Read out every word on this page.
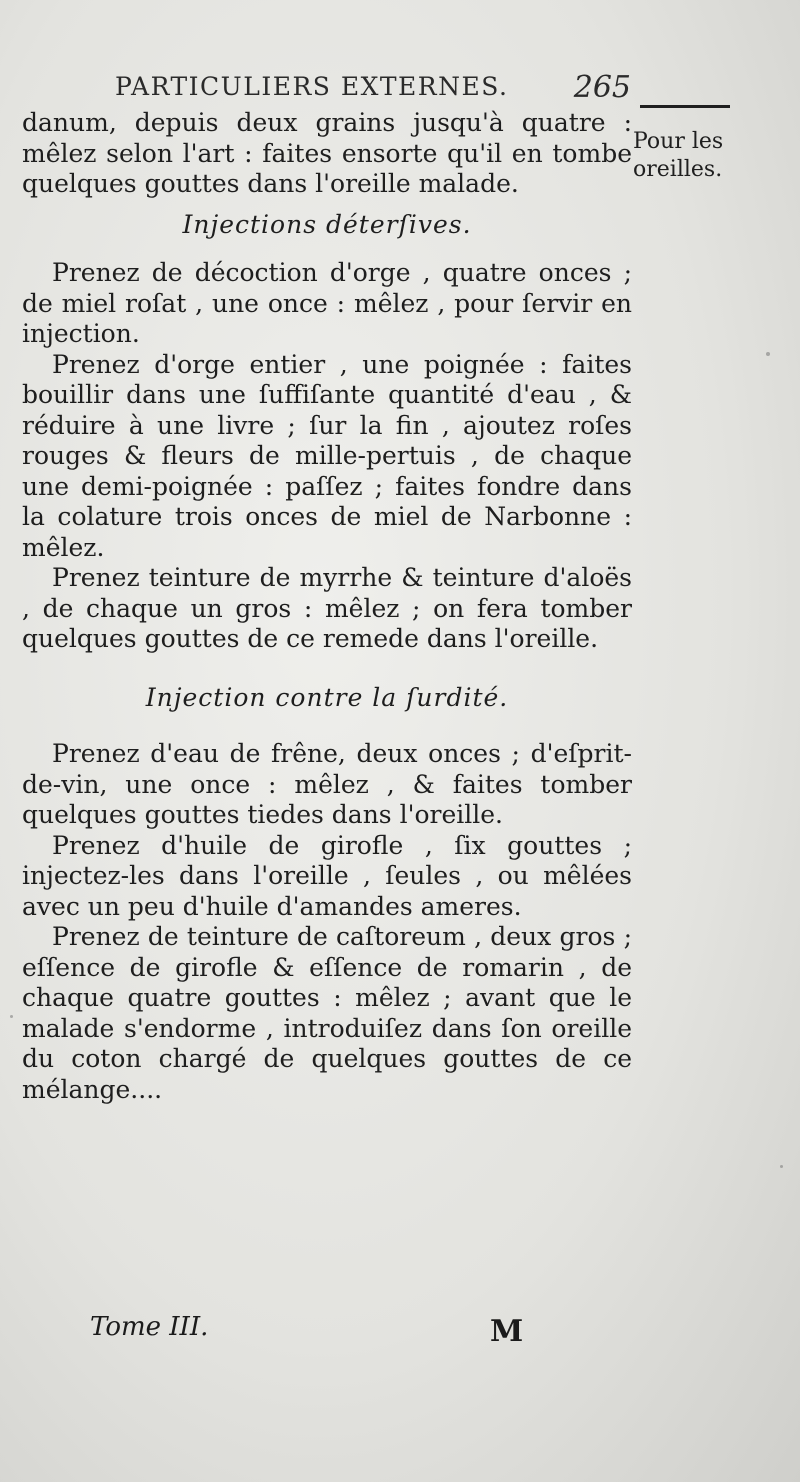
PARTICULIERS EXTERNES. 265
Pour les
oreilles.

danum, depuis deux grains jusqu'à quatre : mêlez selon l'art : faites ensorte qu'il en tombe quelques gouttes dans l'oreille malade.

Injections déterſives.

Prenez de décoction d'orge , quatre onces ; de miel roſat , une once : mêlez , pour ſervir en injection.

Prenez d'orge entier , une poignée : faites bouillir dans une ſuffiſante quantité d'eau , & réduire à une livre ; ſur la fin , ajoutez roſes rouges & fleurs de mille-pertuis , de chaque une demi-poignée : paſſez ; faites fondre dans la colature trois onces de miel de Narbonne : mêlez.

Prenez teinture de myrrhe & teinture d'aloës , de chaque un gros : mêlez ; on fera tomber quelques gouttes de ce remede dans l'oreille.

Injection contre la ſurdité.

Prenez d'eau de frêne, deux onces ; d'eſprit-de-vin, une once : mêlez , & faites tomber quelques gouttes tiedes dans l'oreille.

Prenez d'huile de girofle , ſix gouttes ; injectez-les dans l'oreille , ſeules , ou mêlées avec un peu d'huile d'amandes ameres.

Prenez de teinture de caſtoreum , deux gros ; eſſence de girofle & eſſence de romarin , de chaque quatre gouttes : mêlez ; avant que le malade s'endorme , introduiſez dans ſon oreille du coton chargé de quelques gouttes de ce mélange....

Tome III.	M
